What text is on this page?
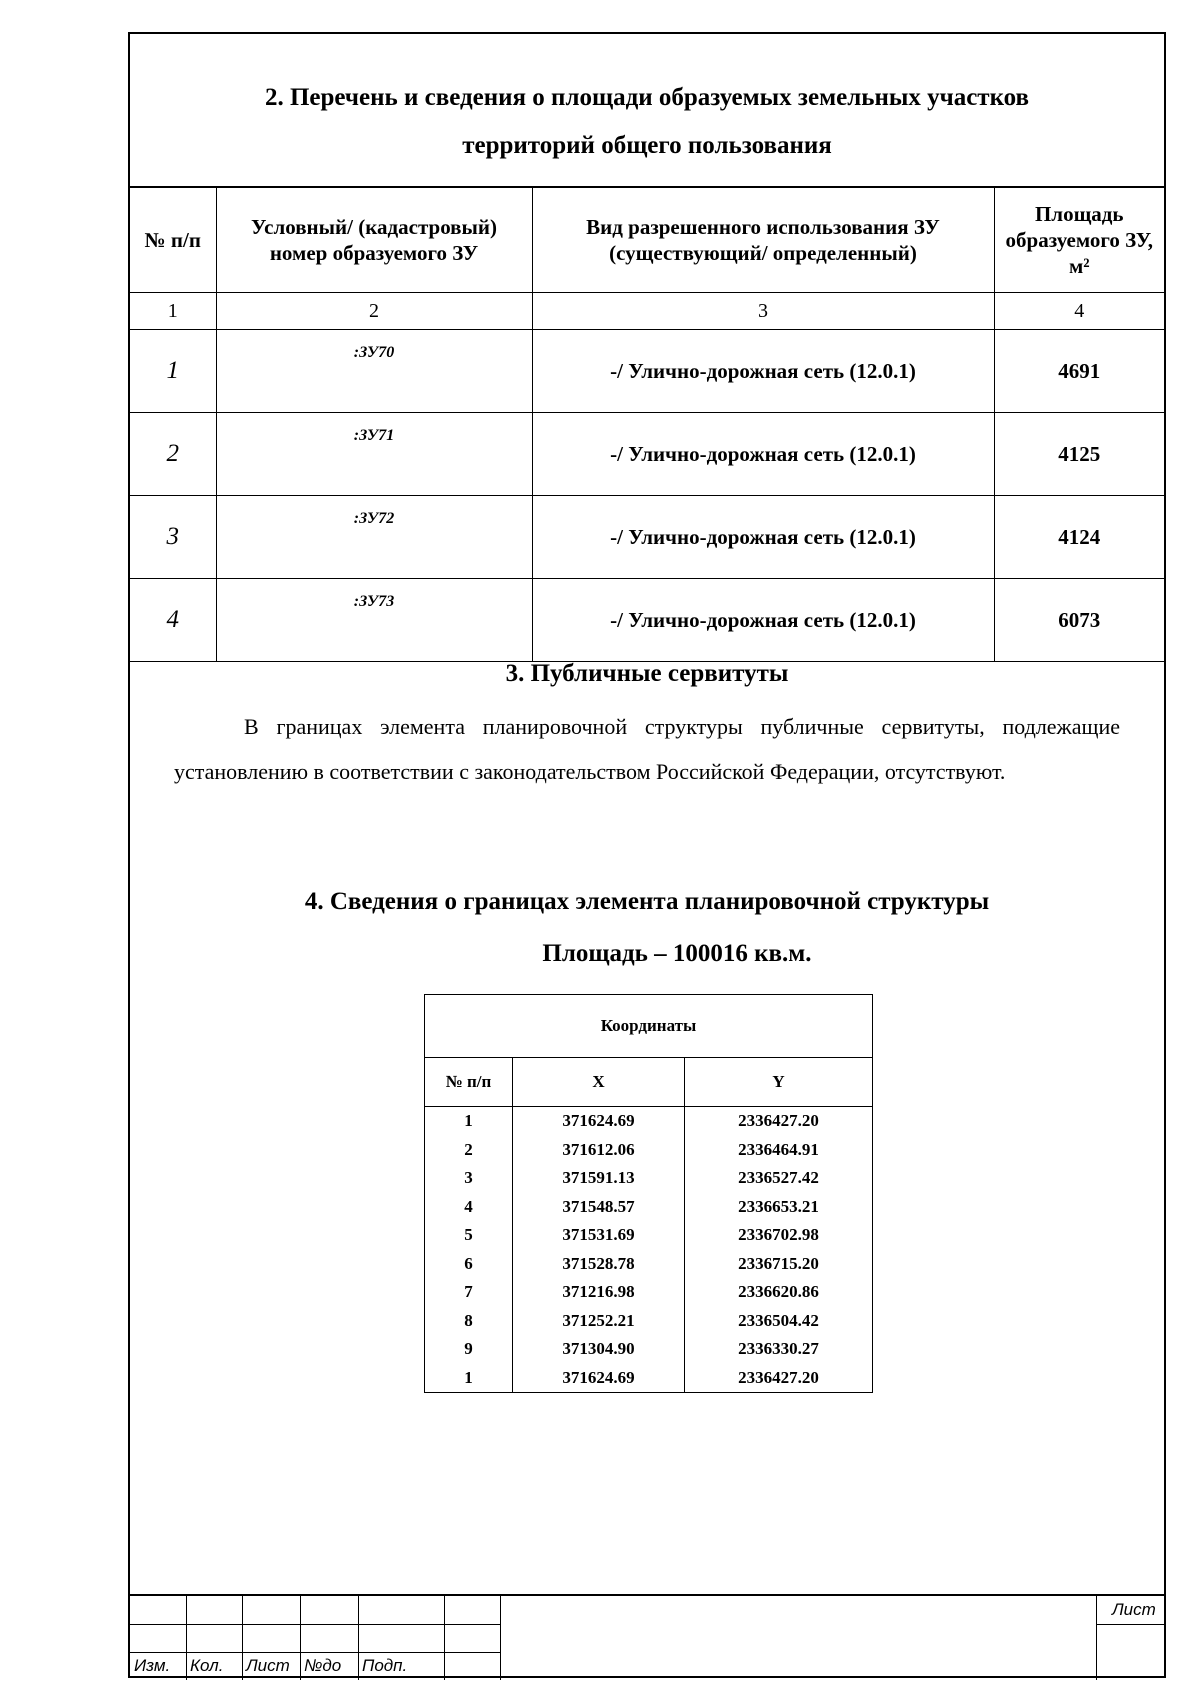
2. Перечень и сведения о площади образуемых земельных участков
территорий общего пользования
№ п/п	Условный/ (кадастровый) номер образуемого ЗУ	Вид разрешенного использования ЗУ (существующий/ определенный)	Площадь образуемого ЗУ, м²
1	2	3	4
1	:ЗУ70	-/ Улично-дорожная сеть (12.0.1)	4691
2	:ЗУ71	-/ Улично-дорожная сеть (12.0.1)	4125
3	:ЗУ72	-/ Улично-дорожная сеть (12.0.1)	4124
4	:ЗУ73	-/ Улично-дорожная сеть (12.0.1)	6073
3. Публичные сервитуты
В границах элемента планировочной структуры публичные сервитуты, подлежащие установлению в соответствии с законодательством Российской Федерации, отсутствуют.
4. Сведения о границах элемента планировочной структуры
Площадь – 100016 кв.м.
Координаты		
№ п/п	X	Y
1	371624.69	2336427.20
2	371612.06	2336464.91
3	371591.13	2336527.42
4	371548.57	2336653.21
5	371531.69	2336702.98
6	371528.78	2336715.20
7	371216.98	2336620.86
8	371252.21	2336504.42
9	371304.90	2336330.27
1	371624.69	2336427.20
Изм. Кол. Лист №до Подп.
Лист
